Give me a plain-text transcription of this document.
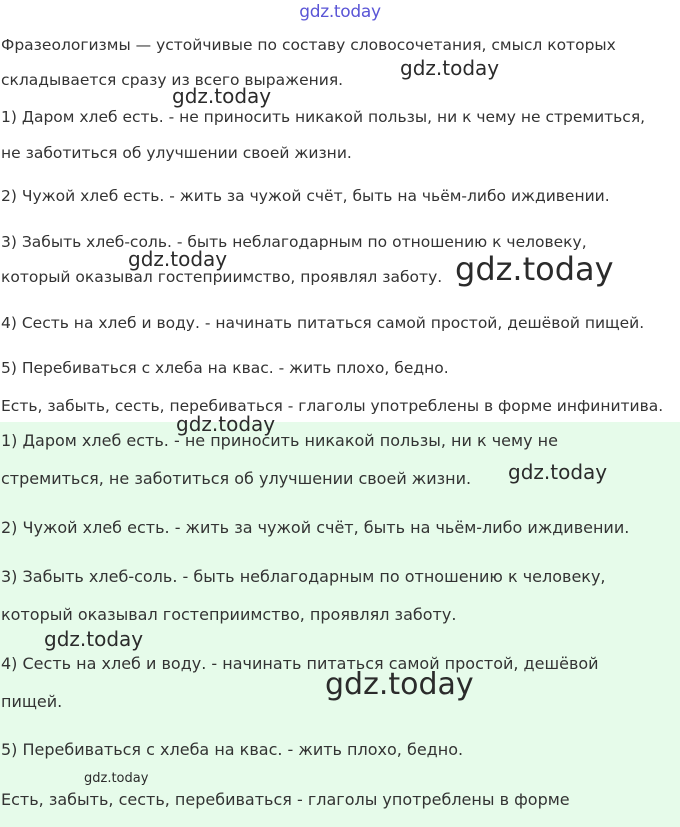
Фразеологизмы — устойчивые по составу словосочетания, смысл которых
складывается сразу из всего выражения.
1) Даром хлеб есть. - не приносить никакой пользы, ни к чему не стремиться,
не заботиться об улучшении своей жизни.
2) Чужой хлеб есть. - жить за чужой счёт, быть на чьём-либо иждивении.
3) Забыть хлеб-соль. - быть неблагодарным по отношению к человеку,
который оказывал гостеприимство, проявлял заботу.
4) Сесть на хлеб и воду. - начинать питаться самой простой, дешёвой пищей.
5) Перебиваться с хлеба на квас. - жить плохо, бедно.
Есть, забыть, сесть, перебиваться - глаголы употреблены в форме инфинитива.
1) Даром хлеб есть. - не приносить никакой пользы, ни к чему не
стремиться, не заботиться об улучшении своей жизни.
2) Чужой хлеб есть. - жить за чужой счёт, быть на чьём-либо иждивении.
3) Забыть хлеб-соль. - быть неблагодарным по отношению к человеку,
который оказывал гостеприимство, проявлял заботу.
4) Сесть на хлеб и воду. - начинать питаться самой простой, дешёвой
пищей.
5) Перебиваться с хлеба на квас. - жить плохо, бедно.
Есть, забыть, сесть, перебиваться - глаголы употреблены в форме
gdz.today
gdz.today
gdz.today
gdz.today	gdz.today
gdz.today
gdz.today
gdz.today
gdz.today
gdz.today
